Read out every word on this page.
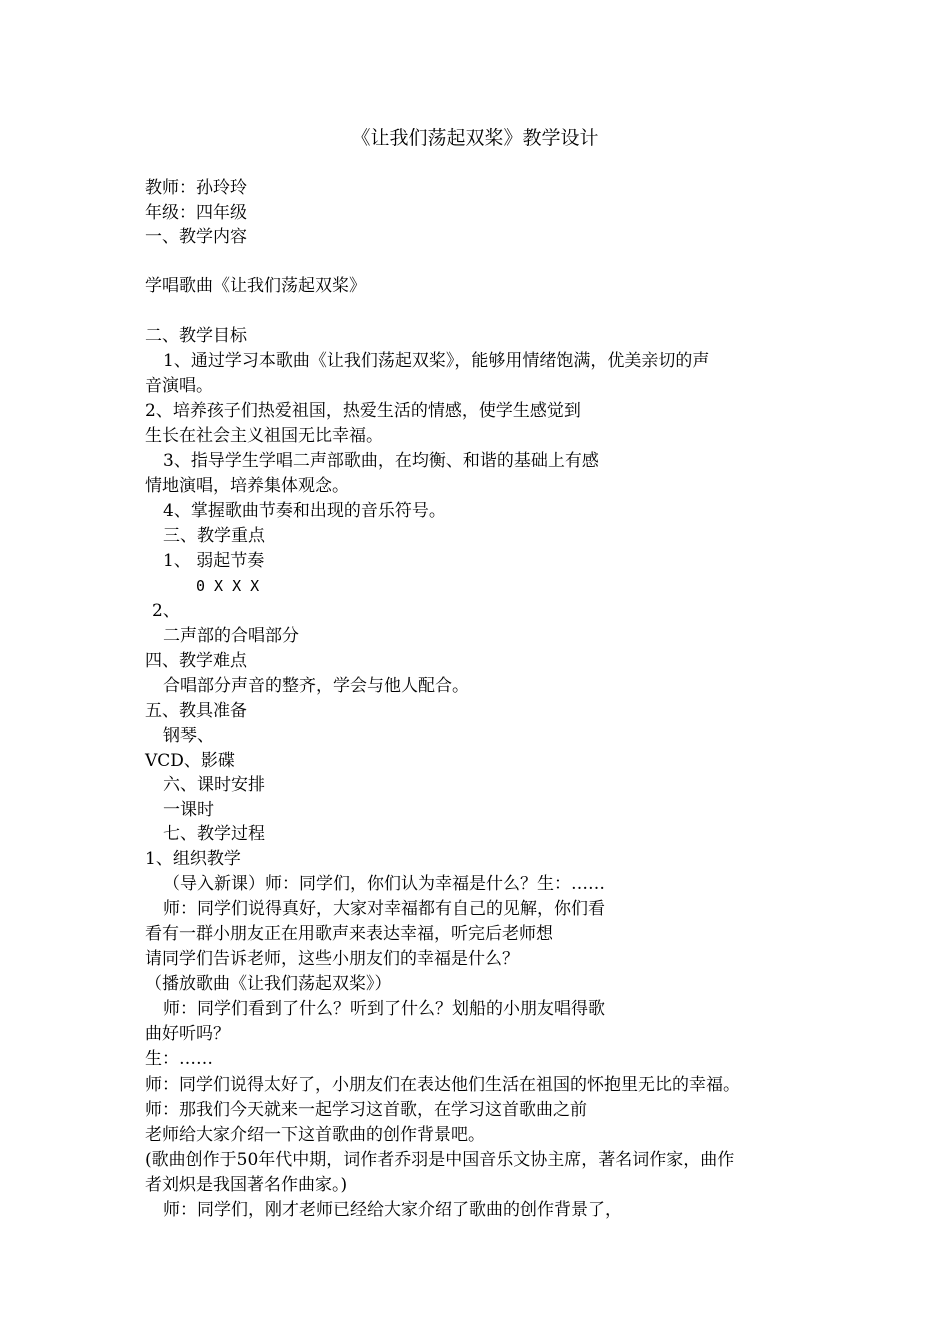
《让我们荡起双桨》教学设计
教师：孙玲玲
年级：四年级
一、教学内容
学唱歌曲《让我们荡起双桨》
二、教学目标
1、通过学习本歌曲《让我们荡起双桨》，能够用情绪饱满，优美亲切的声
音演唱。
2、培养孩子们热爱祖国，热爱生活的情感，使学生感觉到
生长在社会主义祖国无比幸福。
3、指导学生学唱二声部歌曲，在均衡、和谐的基础上有感
情地演唱，培养集体观念。
4、掌握歌曲节奏和出现的音乐符号。
三、教学重点
1、 弱起节奏
0 X X X
2、
二声部的合唱部分
四、教学难点
合唱部分声音的整齐，学会与他人配合。
五、教具准备
钢琴、
VCD、影碟
六、课时安排
一课时
七、教学过程
1、组织教学
（导入新课）师：同学们，你们认为幸福是什么？生：……
师：同学们说得真好，大家对幸福都有自己的见解，你们看
看有一群小朋友正在用歌声来表达幸福，听完后老师想
请同学们告诉老师，这些小朋友们的幸福是什么？
（播放歌曲《让我们荡起双桨》）
师：同学们看到了什么？听到了什么？划船的小朋友唱得歌
曲好听吗？
生：……
师：同学们说得太好了，小朋友们在表达他们生活在祖国的怀抱里无比的幸福。
师：那我们今天就来一起学习这首歌，在学习这首歌曲之前
老师给大家介绍一下这首歌曲的创作背景吧。
(歌曲创作于50年代中期，词作者乔羽是中国音乐文协主席，著名词作家，曲作
者刘炽是我国著名作曲家。)
师：同学们，刚才老师已经给大家介绍了歌曲的创作背景了，
